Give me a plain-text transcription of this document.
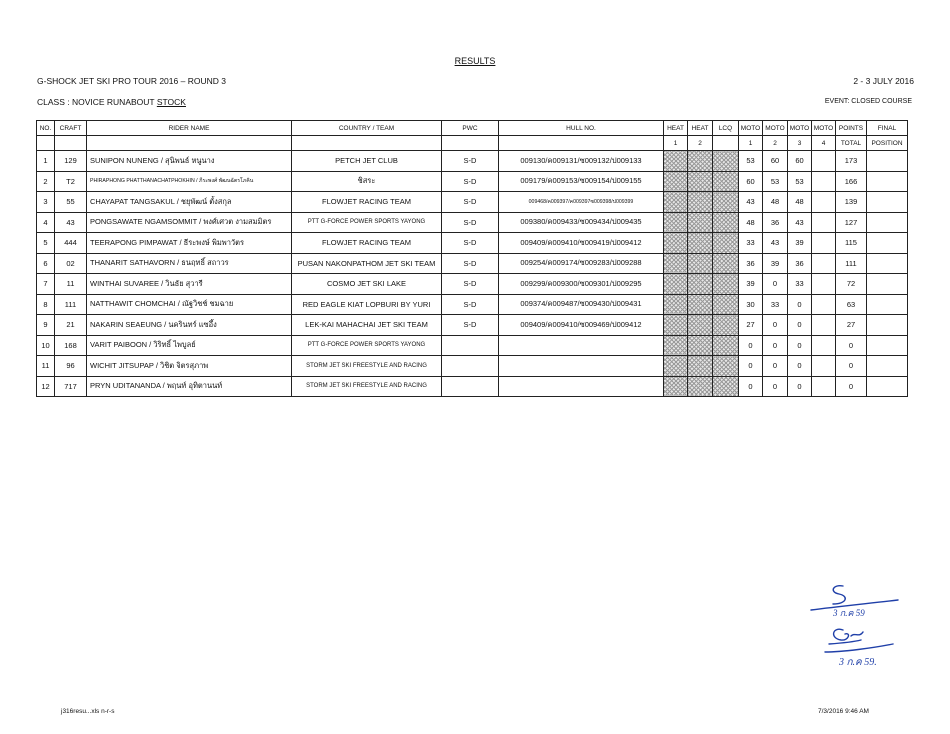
RESULTS
G-SHOCK JET SKI PRO TOUR 2016 – ROUND 3	2 - 3 JULY 2016
CLASS : NOVICE RUNABOUT STOCK	EVENT: CLOSED COURSE
NO.	CRAFT	RIDER NAME	COUNTRY / TEAM	PWC	HULL NO.	HEAT	HEAT	LCQ	MOTO	MOTO	MOTO	MOTO	POINTS	FINAL
						1	2		1	2	3	4	TOTAL	POSITION
1	129	SUNIPON NUNENG / สุนิพนธ์ หนูนาง	PETCH JET CLUB	S-D	009130/ค009131/ซ009132/ป009133				53	60	60		173	
2	T2	PHIRAPHONG PHATTHANACHATPHOKHIN / ภีระพงศ์ พัฒนฉัตรโภคิน	ชิสระ	S-D	009179/ค009153/ซ009154/ป009155				60	53	53		166	
3	55	CHAYAPAT TANGSAKUL / ชยุพัฒน์ ตั้งสกุล	FLOWJET RACING TEAM	S-D	009468/ค009397/ค009397ซ009398/ป009399				43	48	48		139	
4	43	PONGSAWATE NGAMSOMMIT / พงศ์เศวต งามสมมิตร	PTT G-FORCE POWER SPORTS YAYONG	S-D	009380/ค009433/ซ009434/ป009435				48	36	43		127	
5	444	TEERAPONG PIMPAWAT / ธีระพงษ์ พิมพาวัตร	FLOWJET RACING TEAM	S-D	009409/ค009410/ซ009419/ป009412				33	43	39		115	
6	02	THANARIT SATHAVORN / ธนฤทธิ์ สถาวร	PUSAN NAKONPATHOM JET SKI TEAM	S-D	009254/ค009174/ซ009283/ป009288				36	39	36		111	
7	11	WINTHAI SUVAREE / วินธัย สุวารี	COSMO JET SKI LAKE	S-D	009299/ค009300/ซ009301/ป009295				39	0	33		72	
8	111	NATTHAWIT CHOMCHAI / ณัฐวิชช์ ชมฉาย	RED EAGLE KIAT LOPBURI BY YURI	S-D	009374/ค009487/ซ009430/ป009431				30	33	0		63	
9	21	NAKARIN SEAEUNG / นครินทร์ แซอึ้ง	LEK-KAI MAHACHAI JET SKI TEAM	S-D	009409/ค009410/ซ009469/ป009412				27	0	0		27	
10	168	VARIT PAIBOON / วิริทธิ์ ไพบูลย์	PTT G-FORCE POWER SPORTS YAYONG						0	0	0		0	
11	96	WICHIT JITSUPAP / วิชิต จิตรสุภาพ	STORM JET SKI FREESTYLE AND RACING						0	0	0		0	
12	717	PRYN UDITANANDA / พฤนท์ อุทิตานนท์	STORM JET SKI FREESTYLE AND RACING						0	0	0		0	
3 ก.ค 59
3 ก.ค 59.
j316resu...xls n-r-s	7/3/2016 9:46 AM
